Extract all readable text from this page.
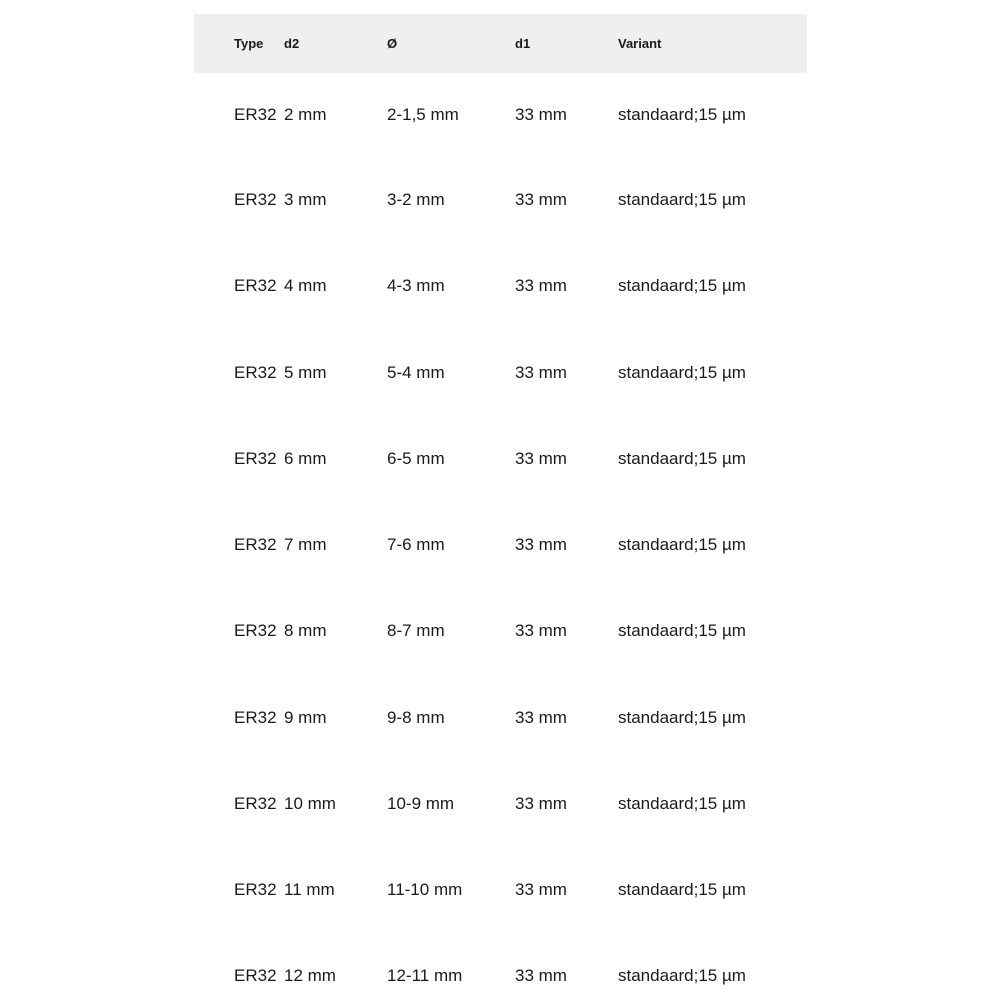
Type	d2	Ø	d1	Variant
ER32	2 mm	2-1,5 mm	33 mm	standaard;15 µm
ER32	3 mm	3-2 mm	33 mm	standaard;15 µm
ER32	4 mm	4-3 mm	33 mm	standaard;15 µm
ER32	5 mm	5-4 mm	33 mm	standaard;15 µm
ER32	6 mm	6-5 mm	33 mm	standaard;15 µm
ER32	7 mm	7-6 mm	33 mm	standaard;15 µm
ER32	8 mm	8-7 mm	33 mm	standaard;15 µm
ER32	9 mm	9-8 mm	33 mm	standaard;15 µm
ER32	10 mm	10-9 mm	33 mm	standaard;15 µm
ER32	11 mm	11-10 mm	33 mm	standaard;15 µm
ER32	12 mm	12-11 mm	33 mm	standaard;15 µm
